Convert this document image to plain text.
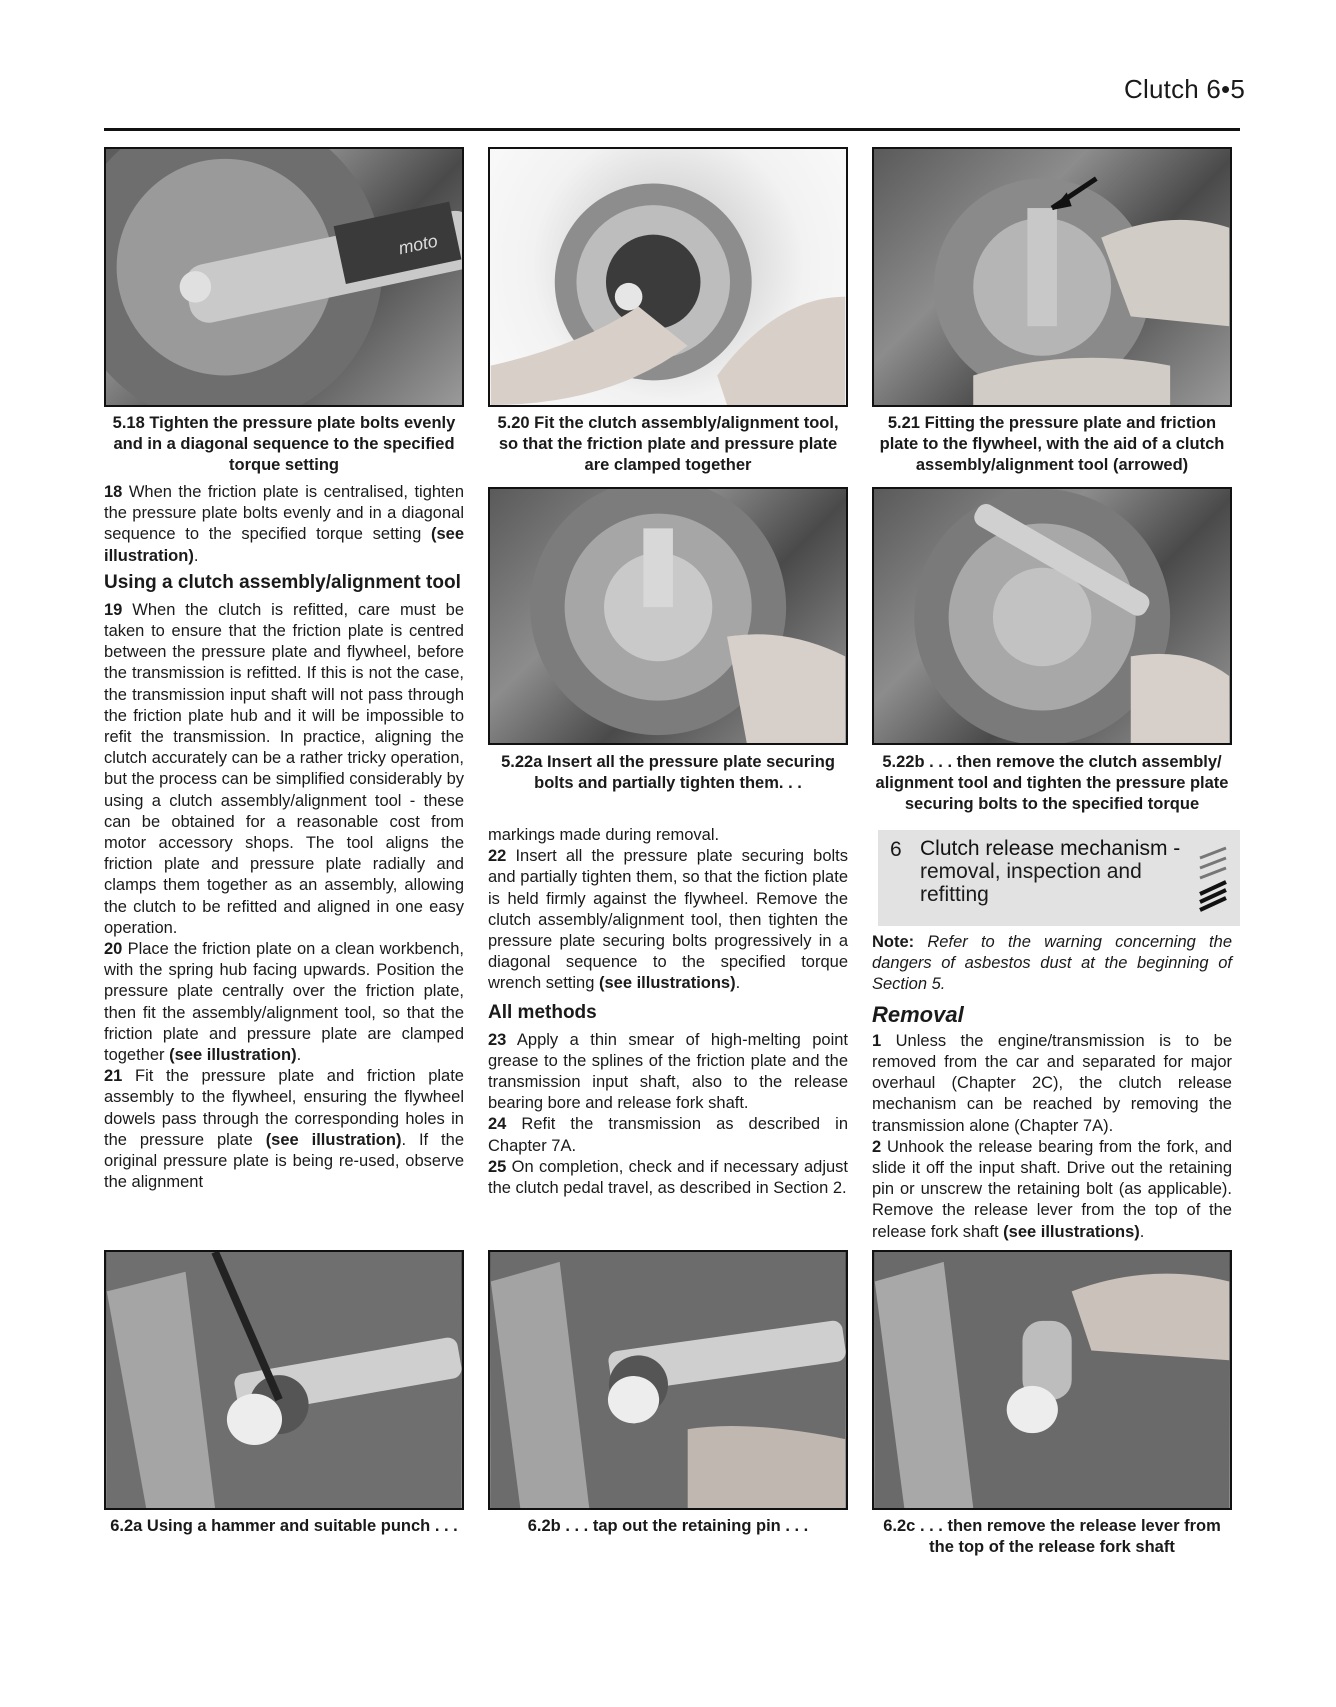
Clutch 6•5
moto
5.18 Tighten the pressure plate bolts evenly and in a diagonal sequence to the specified torque setting
5.20 Fit the clutch assembly/alignment tool, so that the friction plate and pressure plate are clamped together
5.21 Fitting the pressure plate and friction plate to the flywheel, with the aid of a clutch assembly/alignment tool (arrowed)
5.22a Insert all the pressure plate securing bolts and partially tighten them. . .
5.22b . . . then remove the clutch assembly/ alignment tool and tighten the pressure plate securing bolts to the specified torque

18 When the friction plate is centralised, tighten the pressure plate bolts evenly and in a diagonal sequence to the specified torque setting (see illustration).

Using a clutch assembly/alignment tool

19 When the clutch is refitted, care must be taken to ensure that the friction plate is centred between the pressure plate and flywheel, before the transmission is refitted. If this is not the case, the transmission input shaft will not pass through the friction plate hub and it will be impossible to refit the transmission. In practice, aligning the clutch accurately can be a rather tricky operation, but the process can be simplified considerably by using a clutch assembly/alignment tool - these can be obtained for a reasonable cost from motor accessory shops. The tool aligns the friction plate and pressure plate radially and clamps them together as an assembly, allowing the clutch to be refitted and aligned in one easy operation.

20 Place the friction plate on a clean workbench, with the spring hub facing upwards. Position the pressure plate centrally over the friction plate, then fit the assembly/alignment tool, so that the friction plate and pressure plate are clamped together (see illustration).

21 Fit the pressure plate and friction plate assembly to the flywheel, ensuring the flywheel dowels pass through the corresponding holes in the pressure plate (see illustration). If the original pressure plate is being re-used, observe the alignment

markings made during removal.

22 Insert all the pressure plate securing bolts and partially tighten them, so that the fiction plate is held firmly against the flywheel. Remove the clutch assembly/alignment tool, then tighten the pressure plate securing bolts progressively in a diagonal sequence to the specified torque wrench setting (see illustrations).

All methods

23 Apply a thin smear of high-melting point grease to the splines of the friction plate and the transmission input shaft, also to the release bearing bore and release fork shaft.

24 Refit the transmission as described in Chapter 7A.

25 On completion, check and if necessary adjust the clutch pedal travel, as described in Section 2.

6 Clutch release mechanism -
removal, inspection and
refitting

Note: Refer to the warning concerning the dangers of asbestos dust at the beginning of Section 5.

Removal

1 Unless the engine/transmission is to be removed from the car and separated for major overhaul (Chapter 2C), the clutch release mechanism can be reached by removing the transmission alone (Chapter 7A).

2 Unhook the release bearing from the fork, and slide it off the input shaft. Drive out the retaining pin or unscrew the retaining bolt (as applicable). Remove the release lever from the top of the release fork shaft (see illustrations).

6.2a Using a hammer and suitable punch . . .	6.2b . . . tap out the retaining pin . . .	6.2c . . . then remove the release lever from the top of the release fork shaft
